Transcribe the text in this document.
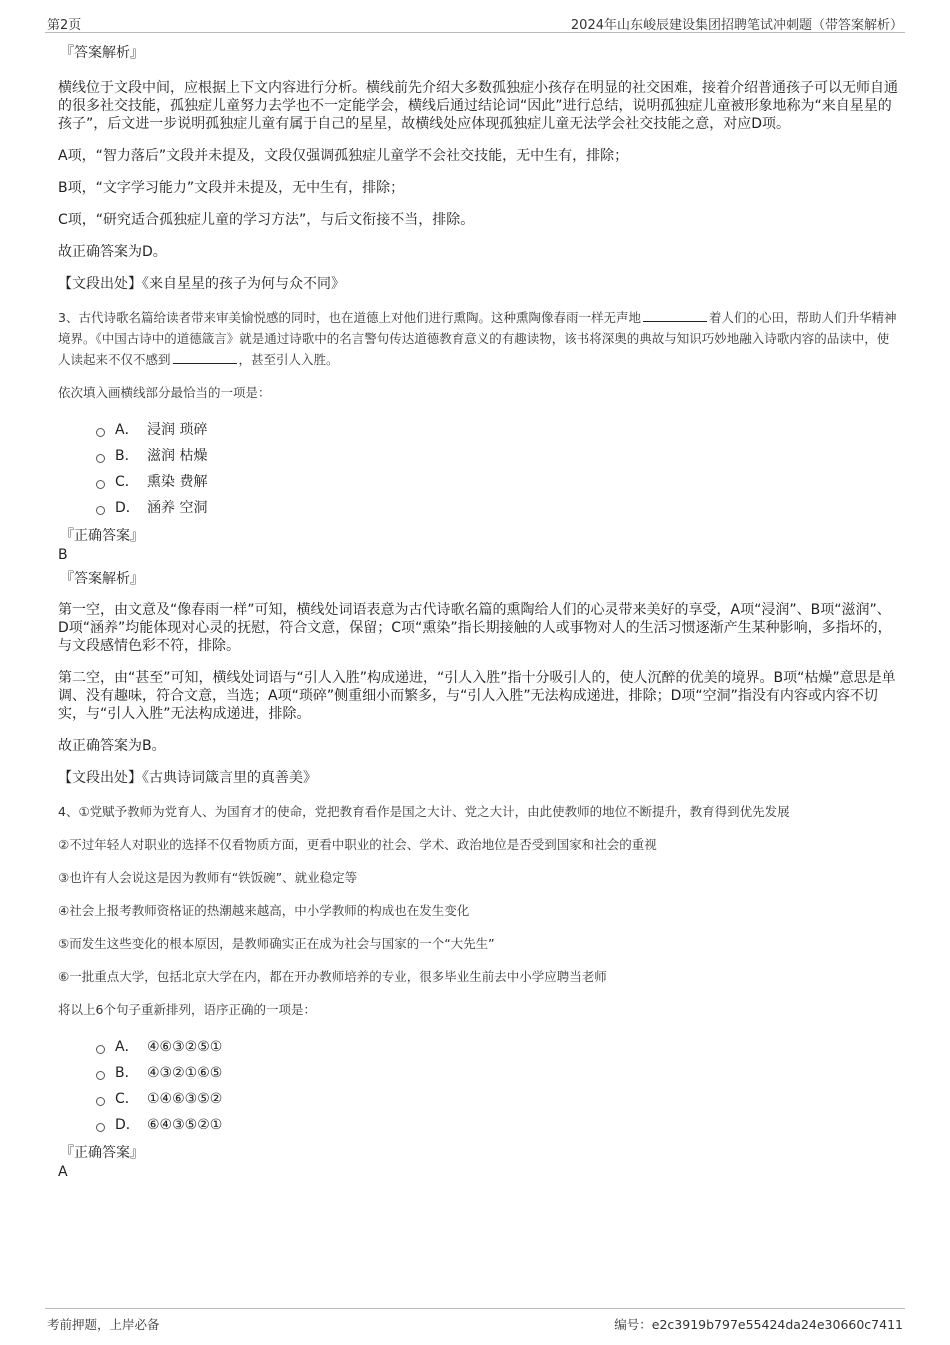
第2页	2024年山东峻辰建设集团招聘笔试冲刺题（带答案解析）
『答案解析』

横线位于文段中间，应根据上下文内容进行分析。横线前先介绍大多数孤独症小孩存在明显的社交困难，接着介绍普通孩子可以无师自通的很多社交技能，孤独症儿童努力去学也不一定能学会，横线后通过结论词“因此”进行总结，说明孤独症儿童被形象地称为“来自星星的孩子”，后文进一步说明孤独症儿童有属于自己的星星，故横线处应体现孤独症儿童无法学会社交技能之意，对应D项。

A项，“智力落后”文段并未提及，文段仅强调孤独症儿童学不会社交技能，无中生有，排除；

B项，“文字学习能力”文段并未提及，无中生有，排除；

C项，“研究适合孤独症儿童的学习方法”，与后文衔接不当，排除。

故正确答案为D。

【文段出处】《来自星星的孩子为何与众不同》

3、古代诗歌名篇给读者带来审美愉悦感的同时，也在道德上对他们进行熏陶。这种熏陶像春雨一样无声地	着人们的心田，帮助人们升华精神境界。《中国古诗中的道德箴言》就是通过诗歌中的名言警句传达道德教育意义的有趣读物，该书将深奥的典故与知识巧妙地融入诗歌内容的品读中，使人读起来不仅不感到	，甚至引人入胜。

依次填入画横线部分最恰当的一项是：

A． 浸润 琐碎
B． 滋润 枯燥
C． 熏染 费解
D． 涵养 空洞
『正确答案』
B
『答案解析』

第一空，由文意及“像春雨一样”可知，横线处词语表意为古代诗歌名篇的熏陶给人们的心灵带来美好的享受，A项“浸润”、B项“滋润”、D项“涵养”均能体现对心灵的抚慰，符合文意，保留；C项“熏染”指长期接触的人或事物对人的生活习惯逐渐产生某种影响，多指坏的，与文段感情色彩不符，排除。

第二空，由“甚至”可知，横线处词语与“引人入胜”构成递进，“引人入胜”指十分吸引人的，使人沉醉的优美的境界。B项“枯燥”意思是单调、没有趣味，符合文意，当选；A项“琐碎”侧重细小而繁多，与“引人入胜”无法构成递进，排除；D项“空洞”指没有内容或内容不切实，与“引人入胜”无法构成递进，排除。

故正确答案为B。

【文段出处】《古典诗词箴言里的真善美》

4、①党赋予教师为党育人、为国育才的使命，党把教育看作是国之大计、党之大计，由此使教师的地位不断提升，教育得到优先发展

②不过年轻人对职业的选择不仅看物质方面，更看中职业的社会、学术、政治地位是否受到国家和社会的重视

③也许有人会说这是因为教师有“铁饭碗”、就业稳定等

④社会上报考教师资格证的热潮越来越高，中小学教师的构成也在发生变化

⑤而发生这些变化的根本原因，是教师确实正在成为社会与国家的一个“大先生”

⑥一批重点大学，包括北京大学在内，都在开办教师培养的专业，很多毕业生前去中小学应聘当老师

将以上6个句子重新排列，语序正确的一项是：

A． ④⑥③②⑤①
B． ④③②①⑥⑤
C． ①④⑥③⑤②
D． ⑥④③⑤②①
『正确答案』
A
考前押题，上岸必备	编号：e2c3919b797e55424da24e30660c7411
